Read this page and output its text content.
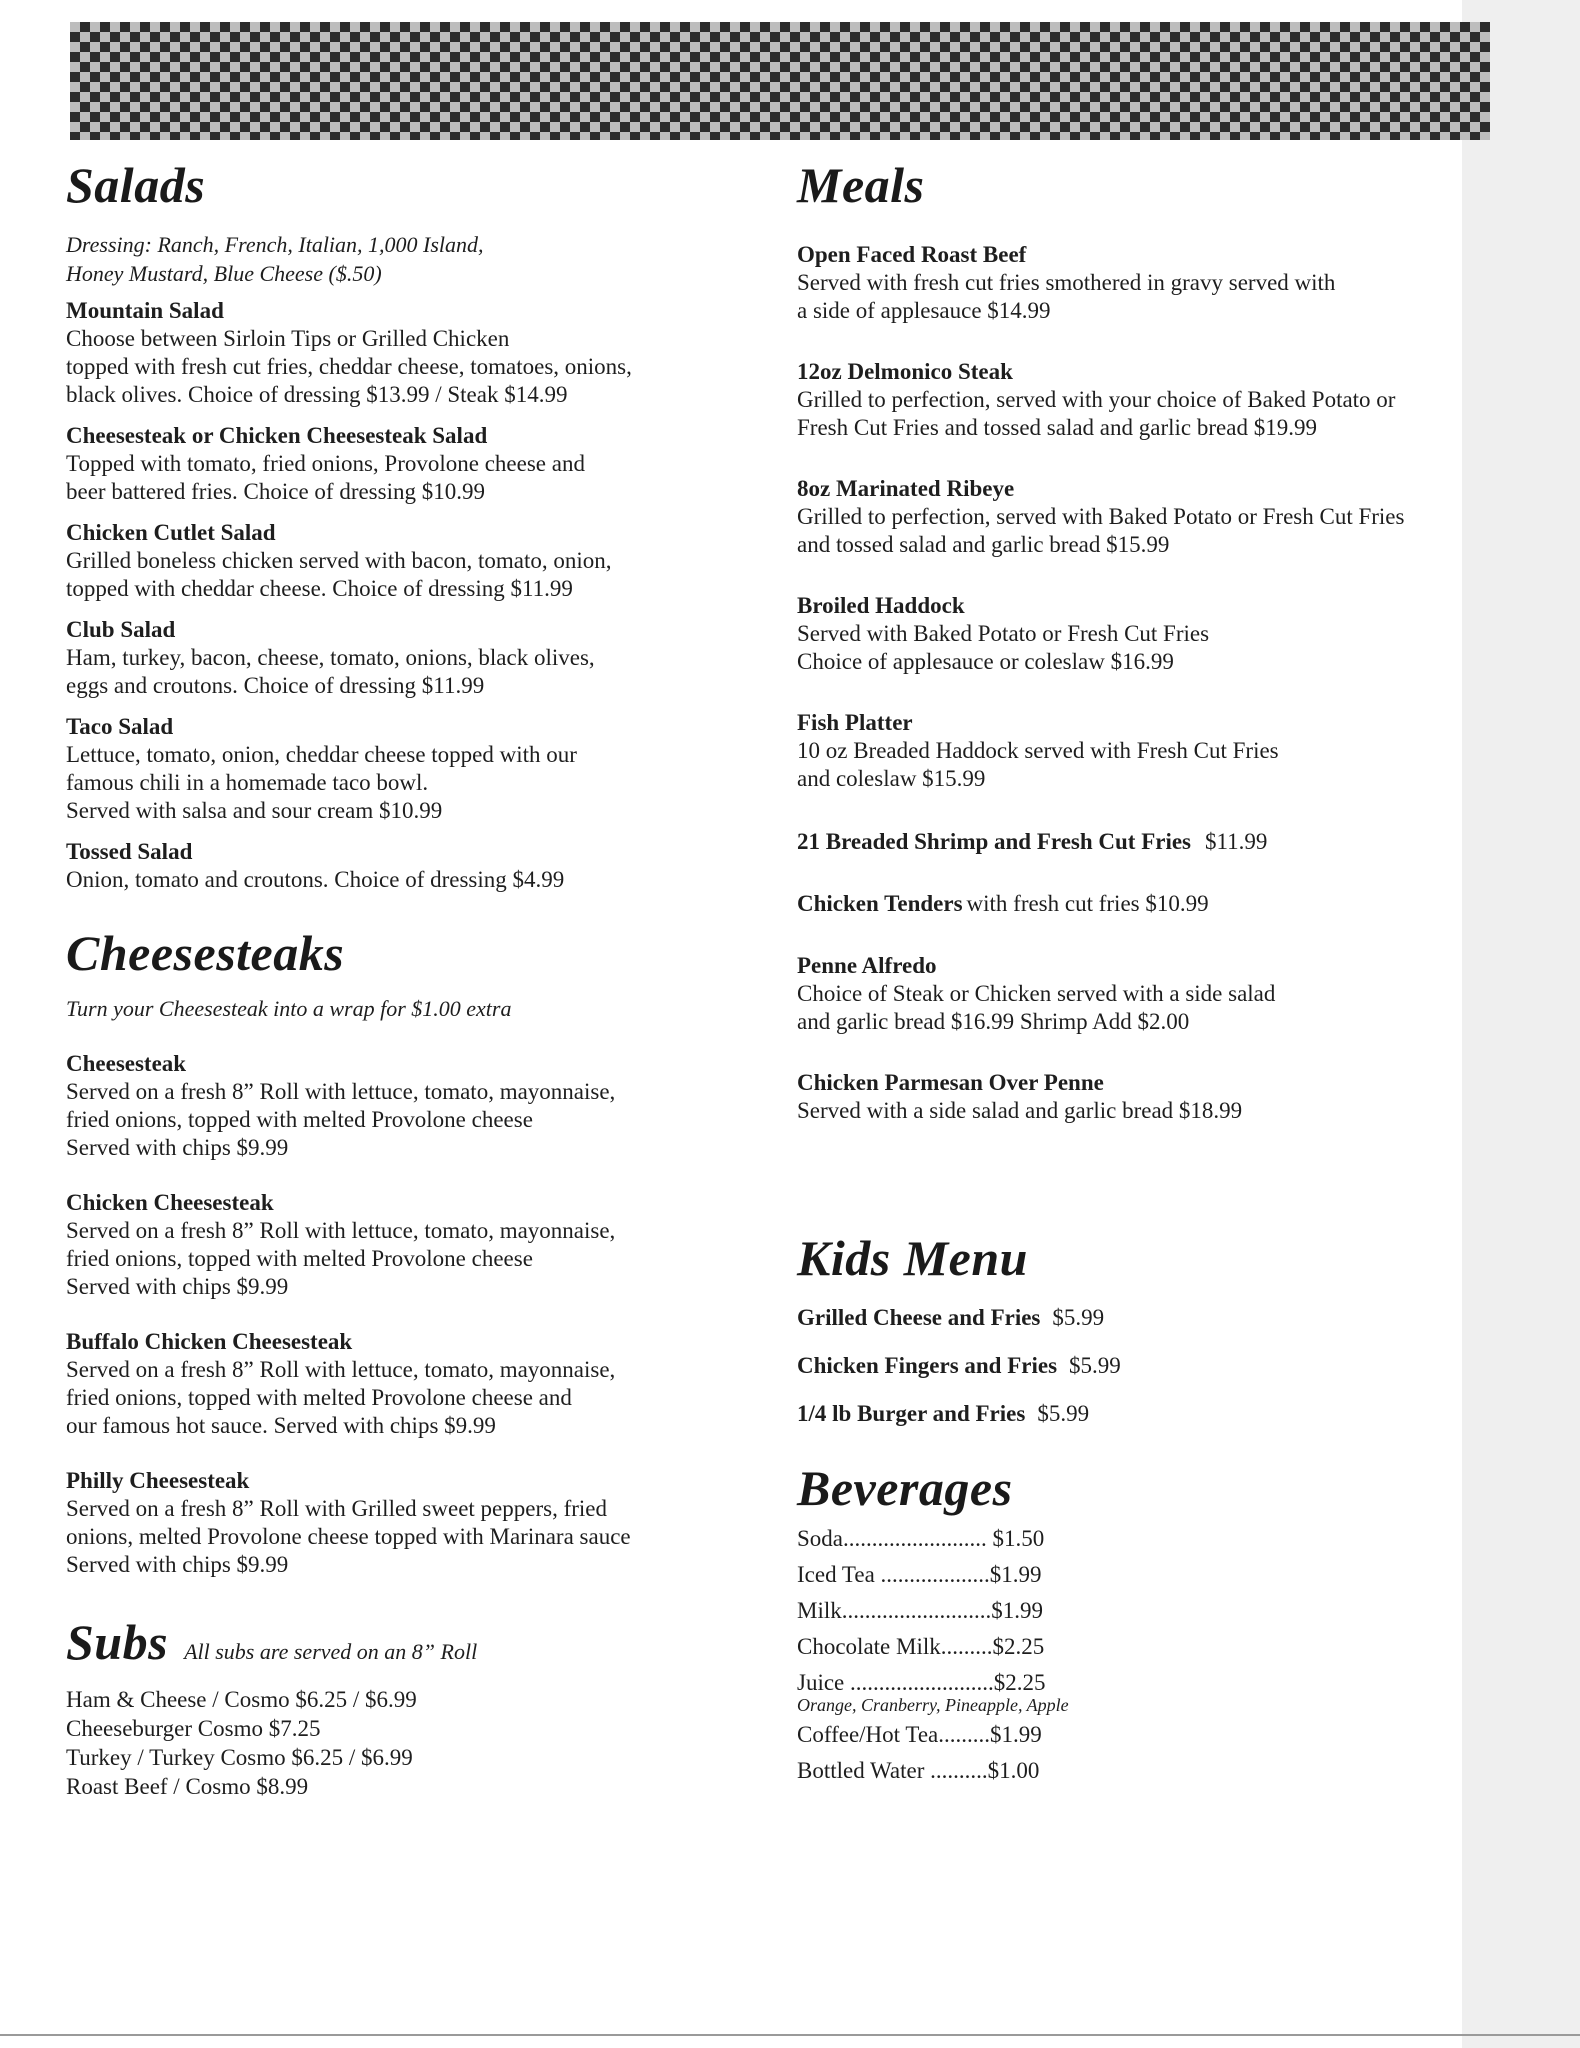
Salads

Dressing: Ranch, French, Italian, 1,000 Island,
Honey Mustard, Blue Cheese ($.50)

Mountain Salad
Choose between Sirloin Tips or Grilled Chicken
topped with fresh cut fries, cheddar cheese, tomatoes, onions,
black olives. Choice of dressing $13.99 / Steak $14.99
Cheesesteak or Chicken Cheesesteak Salad
Topped with tomato, fried onions, Provolone cheese and
beer battered fries. Choice of dressing $10.99
Chicken Cutlet Salad
Grilled boneless chicken served with bacon, tomato, onion,
topped with cheddar cheese. Choice of dressing $11.99
Club Salad
Ham, turkey, bacon, cheese, tomato, onions, black olives,
eggs and croutons. Choice of dressing $11.99
Taco Salad
Lettuce, tomato, onion, cheddar cheese topped with our
famous chili in a homemade taco bowl.
Served with salsa and sour cream $10.99
Tossed Salad
Onion, tomato and croutons. Choice of dressing $4.99
Cheesesteaks

Turn your Cheesesteak into a wrap for $1.00 extra

Cheesesteak
Served on a fresh 8” Roll with lettuce, tomato, mayonnaise,
fried onions, topped with melted Provolone cheese
Served with chips $9.99
Chicken Cheesesteak
Served on a fresh 8” Roll with lettuce, tomato, mayonnaise,
fried onions, topped with melted Provolone cheese
Served with chips $9.99
Buffalo Chicken Cheesesteak
Served on a fresh 8” Roll with lettuce, tomato, mayonnaise,
fried onions, topped with melted Provolone cheese and
our famous hot sauce. Served with chips $9.99
Philly Cheesesteak
Served on a fresh 8” Roll with Grilled sweet peppers, fried
onions, melted Provolone cheese topped with Marinara sauce
Served with chips $9.99
Subs All subs are served on an 8” Roll
Ham & Cheese / Cosmo $6.25 / $6.99
Cheeseburger Cosmo $7.25
Turkey / Turkey Cosmo $6.25 / $6.99
Roast Beef / Cosmo $8.99
Meals
Open Faced Roast Beef
Served with fresh cut fries smothered in gravy served with
a side of applesauce $14.99
12oz Delmonico Steak
Grilled to perfection, served with your choice of Baked Potato or
Fresh Cut Fries and tossed salad and garlic bread $19.99
8oz Marinated Ribeye
Grilled to perfection, served with Baked Potato or Fresh Cut Fries
and tossed salad and garlic bread $15.99
Broiled Haddock
Served with Baked Potato or Fresh Cut Fries
Choice of applesauce or coleslaw $16.99
Fish Platter
10 oz Breaded Haddock served with Fresh Cut Fries
and coleslaw $15.99
21 Breaded Shrimp and Fresh Cut Fries $11.99
Chicken Tenders with fresh cut fries $10.99
Penne Alfredo
Choice of Steak or Chicken served with a side salad
and garlic bread $16.99 Shrimp Add $2.00
Chicken Parmesan Over Penne
Served with a side salad and garlic bread $18.99
Kids Menu
Grilled Cheese and Fries $5.99
Chicken Fingers and Fries $5.99
1/4 lb Burger and Fries $5.99
Beverages
Soda......................... $1.50
Iced Tea ...................$1.99
Milk..........................$1.99
Chocolate Milk.........$2.25
Juice .........................$2.25
Orange, Cranberry, Pineapple, Apple
Coffee/Hot Tea.........$1.99
Bottled Water ..........$1.00
